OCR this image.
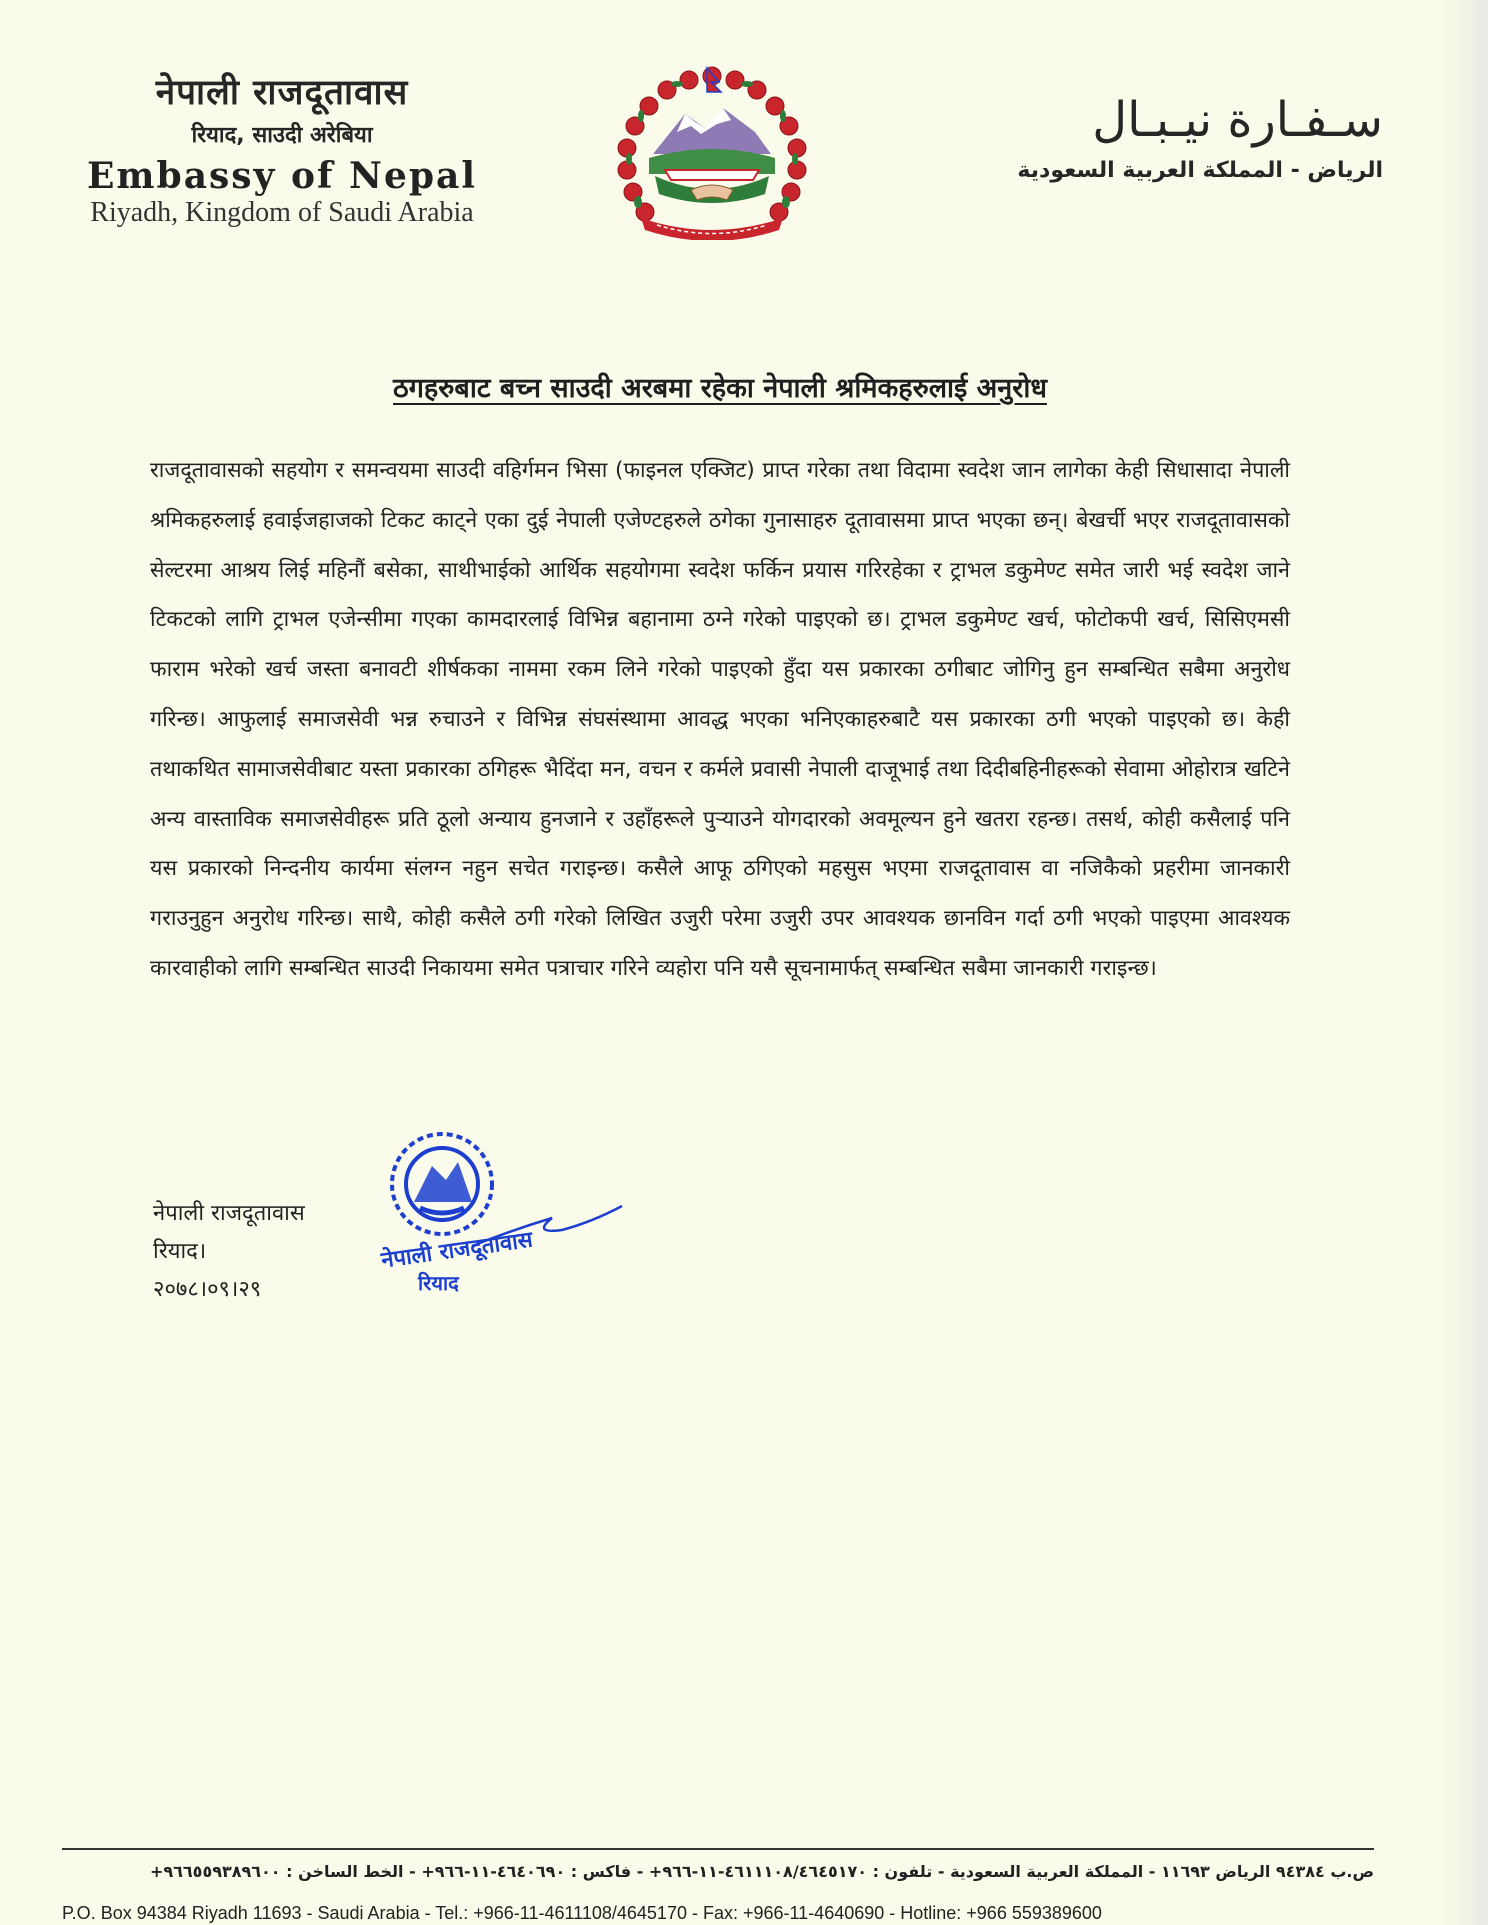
नेपाली राजदूतावास
रियाद, साउदी अरेबिया
Embassy of Nepal
Riyadh, Kingdom of Saudi Arabia
سـفـارة نيـبـال
الرياض - المملكة العربية السعودية
ठगहरुबाट बच्न साउदी अरबमा रहेका नेपाली श्रमिकहरुलाई अनुरोध
राजदूतावासको सहयोग र समन्वयमा साउदी वहिर्गमन भिसा (फाइनल एक्जिट) प्राप्त गरेका तथा विदामा स्वदेश जान लागेका केही सिधासादा नेपाली श्रमिकहरुलाई हवाईजहाजको टिकट काट्ने एका दुई नेपाली एजेण्टहरुले ठगेका गुनासाहरु दूतावासमा प्राप्त भएका छन्। बेखर्ची भएर राजदूतावासको सेल्टरमा आश्रय लिई महिनौं बसेका, साथीभाईको आर्थिक सहयोगमा स्वदेश फर्किन प्रयास गरिरहेका र ट्राभल डकुमेण्ट समेत जारी भई स्वदेश जाने टिकटको लागि ट्राभल एजेन्सीमा गएका कामदारलाई विभिन्न बहानामा ठग्ने गरेको पाइएको छ। ट्राभल डकुमेण्ट खर्च, फोटोकपी खर्च, सिसिएमसी फाराम भरेको खर्च जस्ता बनावटी शीर्षकका नाममा रकम लिने गरेको पाइएको हुँदा यस प्रकारका ठगीबाट जोगिनु हुन सम्बन्धित सबैमा अनुरोध गरिन्छ। आफुलाई समाजसेवी भन्न रुचाउने र विभिन्न संघसंस्थामा आवद्ध भएका भनिएकाहरुबाटै यस प्रकारका ठगी भएको पाइएको छ। केही तथाकथित सामाजसेवीबाट यस्ता प्रकारका ठगिहरू भैदिंदा मन, वचन र कर्मले प्रवासी नेपाली दाजूभाई तथा दिदीबहिनीहरूको सेवामा ओहोरात्र खटिने अन्य वास्ताविक समाजसेवीहरू प्रति ठूलो अन्याय हुनजाने र उहाँहरूले पुर्‍याउने योगदारको अवमूल्यन हुने खतरा रहन्छ। तसर्थ, कोही कसैलाई पनि यस प्रकारको निन्दनीय कार्यमा संलग्न नहुन सचेत गराइन्छ। कसैले आफू ठगिएको महसुस भएमा राजदूतावास वा नजिकैको प्रहरीमा जानकारी गराउनुहुन अनुरोध गरिन्छ। साथै, कोही कसैले ठगी गरेको लिखित उजुरी परेमा उजुरी उपर आवश्यक छानविन गर्दा ठगी भएको पाइएमा आवश्यक कारवाहीको लागि सम्बन्धित साउदी निकायमा समेत पत्राचार गरिने व्यहोरा पनि यसै सूचनामार्फत् सम्बन्धित सबैमा जानकारी गराइन्छ।
नेपाली राजदूतावास
रियाद।
२०७८।०९।२९
नेपाली राजदूतावास
रियाद
ص.ب ٩٤٣٨٤ الرياض ١١٦٩٣ - المملكة العربية السعودية - تلفون : ٤٦١١١٠٨/٤٦٤٥١٧٠-١١-٩٦٦+ - فاكس : ٤٦٤٠٦٩٠-١١-٩٦٦+ - الخط الساخن : ٩٦٦٥٥٩٣٨٩٦٠٠+
P.O. Box 94384 Riyadh 11693 - Saudi Arabia - Tel.: +966-11-4611108/4645170 - Fax: +966-11-4640690 - Hotline: +966 559389600
